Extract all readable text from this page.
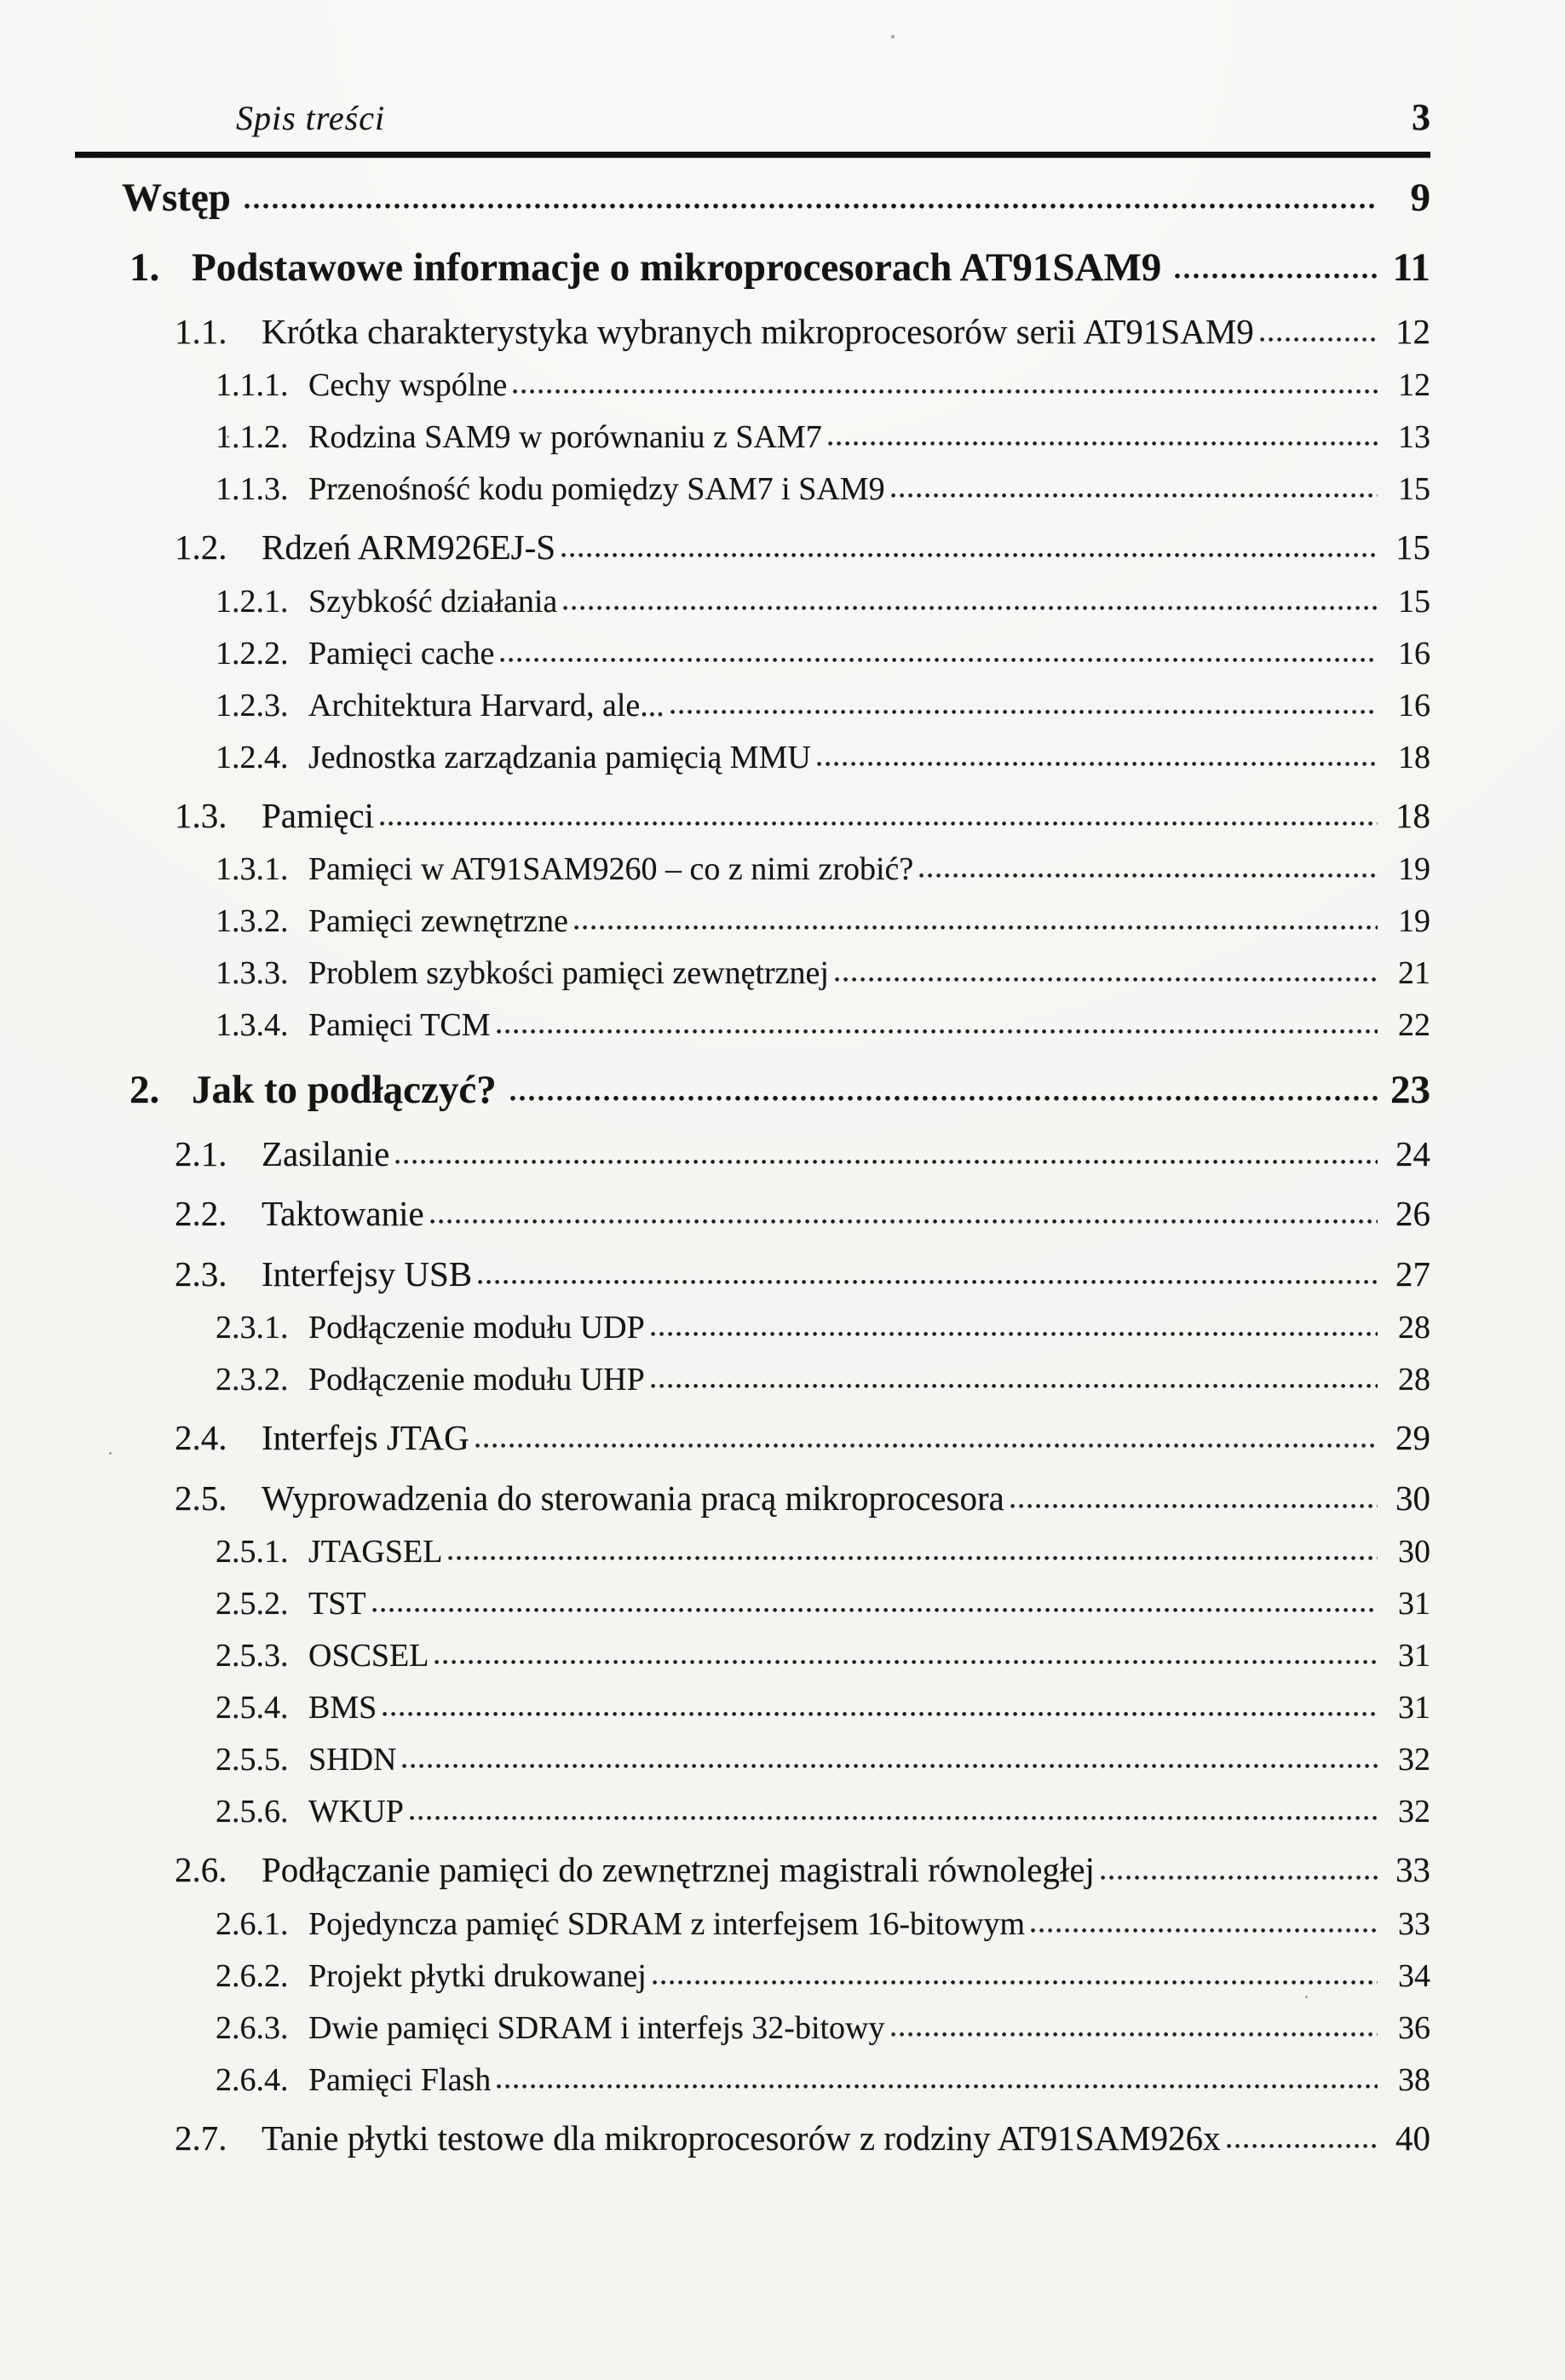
Spis treści	3
Wstęp	9
1. Podstawowe informacje o mikroprocesorach AT91SAM9	11
1.1. Krótka charakterystyka wybranych mikroprocesorów serii AT91SAM9	12
1.1.1. Cechy wspólne	12
1.1.2. Rodzina SAM9 w porównaniu z SAM7	13
1.1.3. Przenośność kodu pomiędzy SAM7 i SAM9	15
1.2. Rdzeń ARM926EJ-S	15
1.2.1. Szybkość działania	15
1.2.2. Pamięci cache	16
1.2.3. Architektura Harvard, ale...	16
1.2.4. Jednostka zarządzania pamięcią MMU	18
1.3. Pamięci	18
1.3.1. Pamięci w AT91SAM9260 – co z nimi zrobić?	19
1.3.2. Pamięci zewnętrzne	19
1.3.3. Problem szybkości pamięci zewnętrznej	21
1.3.4. Pamięci TCM	22
2. Jak to podłączyć?	23
2.1. Zasilanie	24
2.2. Taktowanie	26
2.3. Interfejsy USB	27
2.3.1. Podłączenie modułu UDP	28
2.3.2. Podłączenie modułu UHP	28
2.4. Interfejs JTAG	29
2.5. Wyprowadzenia do sterowania pracą mikroprocesora	30
2.5.1. JTAGSEL	30
2.5.2. TST	31
2.5.3. OSCSEL	31
2.5.4. BMS	31
2.5.5. SHDN	32
2.5.6. WKUP	32
2.6. Podłączanie pamięci do zewnętrznej magistrali równoległej	33
2.6.1. Pojedyncza pamięć SDRAM z interfejsem 16-bitowym	33
2.6.2. Projekt płytki drukowanej	34
2.6.3. Dwie pamięci SDRAM i interfejs 32-bitowy	36
2.6.4. Pamięci Flash	38
2.7. Tanie płytki testowe dla mikroprocesorów z rodziny AT91SAM926x	40
